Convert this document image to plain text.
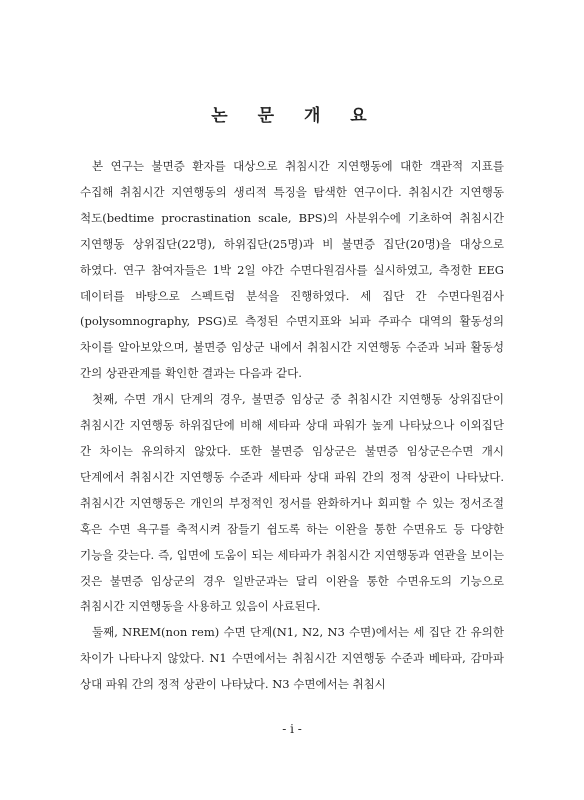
논 문 개 요

본 연구는 불면증 환자를 대상으로 취침시간 지연행동에 대한 객관적 지표를 수집해 취침시간 지연행동의 생리적 특징을 탐색한 연구이다. 취침시간 지연행동 척도(bedtime procrastination scale, BPS)의 사분위수에 기초하여 취침시간 지연행동 상위집단(22명), 하위집단(25명)과 비 불면증 집단(20명)을 대상으로 하였다. 연구 참여자들은 1박 2일 야간 수면다원검사를 실시하였고, 측정한 EEG 데이터를 바탕으로 스펙트럼 분석을 진행하였다. 세 집단 간 수면다원검사(polysomnography, PSG)로 측정된 수면지표와 뇌파 주파수 대역의 활동성의 차이를 알아보았으며, 불면증 임상군 내에서 취침시간 지연행동 수준과 뇌파 활동성 간의 상관관계를 확인한 결과는 다음과 같다.

첫째, 수면 개시 단계의 경우, 불면증 임상군 중 취침시간 지연행동 상위집단이 취침시간 지연행동 하위집단에 비해 세타파 상대 파워가 높게 나타났으나 이외집단 간 차이는 유의하지 않았다. 또한 불면증 임상군은 불면증 임상군은수면 개시 단계에서 취침시간 지연행동 수준과 세타파 상대 파워 간의 정적 상관이 나타났다. 취침시간 지연행동은 개인의 부정적인 정서를 완화하거나 회피할 수 있는 정서조절 혹은 수면 욕구를 축적시켜 잠들기 쉽도록 하는 이완을 통한 수면유도 등 다양한 기능을 갖는다. 즉, 입면에 도움이 되는 세타파가 취침시간 지연행동과 연관을 보이는 것은 불면증 임상군의 경우 일반군과는 달리 이완을 통한 수면유도의 기능으로 취침시간 지연행동을 사용하고 있음이 사료된다.

둘째, NREM(non rem) 수면 단계(N1, N2, N3 수면)에서는 세 집단 간 유의한 차이가 나타나지 않았다. N1 수면에서는 취침시간 지연행동 수준과 베타파, 감마파 상대 파워 간의 정적 상관이 나타났다. N3 수면에서는 취침시

- i -
